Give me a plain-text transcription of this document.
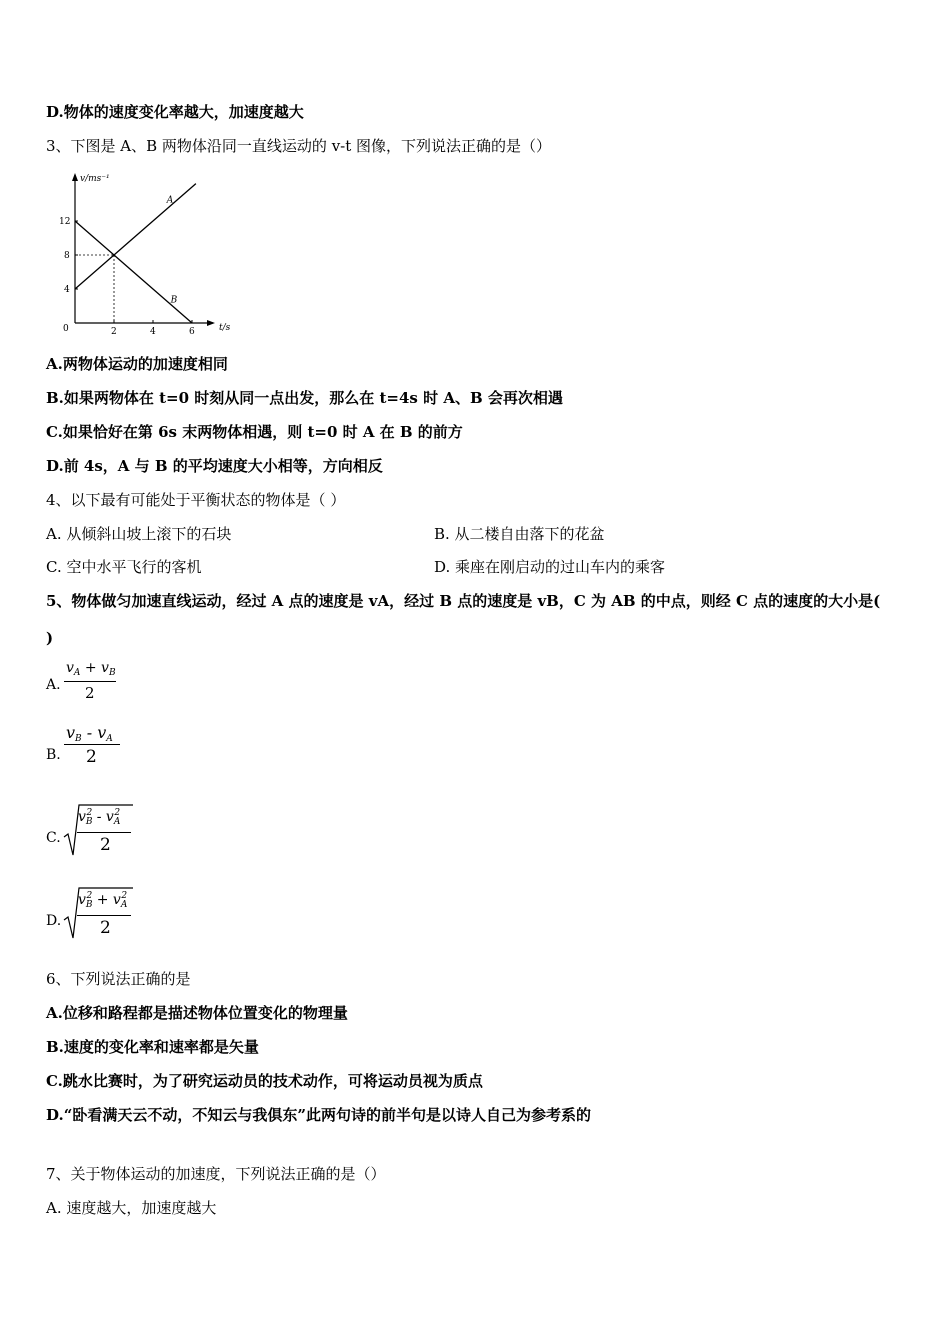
D.物体的速度变化率越大，加速度越大
3、下图是 A、B 两物体沿同一直线运动的 v-t 图像，下列说法正确的是（）
v/ms⁻¹
t/s
0	2	4	6
4
8
12
A
B
A.两物体运动的加速度相同
B.如果两物体在 t=0 时刻从同一点出发，那么在 t=4s 时 A、B 会再次相遇
C.如果恰好在第 6s 末两物体相遇，则 t=0 时 A 在 B 的前方
D.前 4s，A 与 B 的平均速度大小相等，方向相反
4、以下最有可能处于平衡状态的物体是（ ）
A. 从倾斜山坡上滚下的石块	B. 从二楼自由落下的花盆
C. 空中水平飞行的客机	D. 乘座在刚启动的过山车内的乘客
5、物体做匀加速直线运动，经过 A 点的速度是 vA，经过 B 点的速度是 vB，C 为 AB 的中点，则经 C 点的速度的大小是(
)
A.
$v_A + v_B$
2
B.
$v_B - v_A$
2
C.
$v_B^2 - v_A^2$
2
D.
$v_B^2 + v_A^2$
2
6、下列说法正确的是
A.位移和路程都是描述物体位置变化的物理量
B.速度的变化率和速率都是矢量
C.跳水比赛时，为了研究运动员的技术动作，可将运动员视为质点
D.“卧看满天云不动，不知云与我俱东”此两句诗的前半句是以诗人自己为参考系的
7、关于物体运动的加速度，下列说法正确的是（）
A. 速度越大，加速度越大
